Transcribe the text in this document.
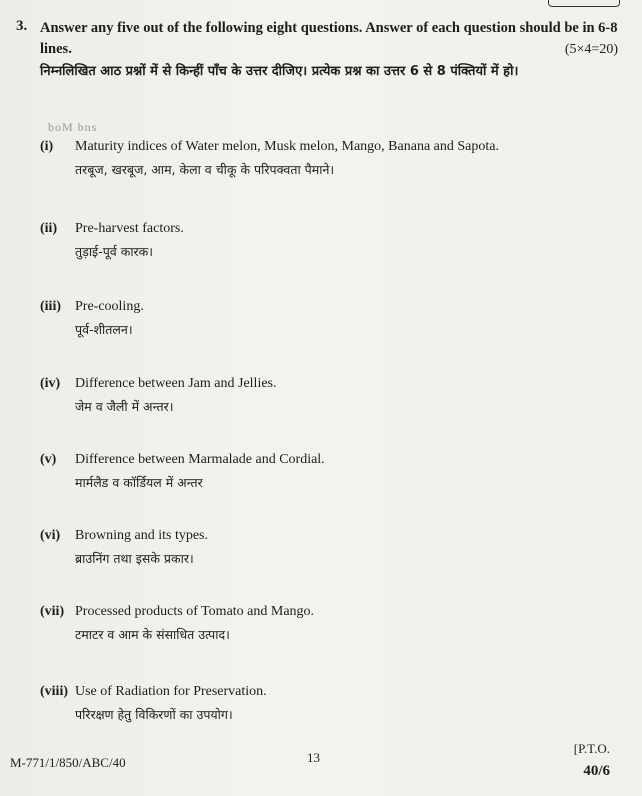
3. Answer any five out of the following eight questions. Answer of each question should be in 6-8 lines.	(5×4=20)
निम्नलिखित आठ प्रश्नों में से किन्हीं पाँच के उत्तर दीजिए। प्रत्येक प्रश्न का उत्तर 6 से 8 पंक्तियों में हो।
boM bns
(i)	Maturity indices of Water melon, Musk melon, Mango, Banana and Sapota.
तरबूज, खरबूज, आम, केला व चीकू के परिपक्वता पैमाने।
(ii)	Pre-harvest factors.
तुड़ाई-पूर्व कारक।
(iii)	Pre-cooling.
पूर्व-शीतलन।
(iv)	Difference between Jam and Jellies.
जेम व जैली में अन्तर।
(v)	Difference between Marmalade and Cordial.
मार्मलैड व कॉर्डियल में अन्तर
(vi)	Browning and its types.
ब्राउनिंग तथा इसके प्रकार।
(vii) Processed products of Tomato and Mango.
टमाटर व आम के संसाधित उत्पाद।
(viii) Use of Radiation for Preservation.
परिरक्षण हेतु विकिरणों का उपयोग।
M-771/1/850/ABC/40	13
[P.T.O.
40/6
